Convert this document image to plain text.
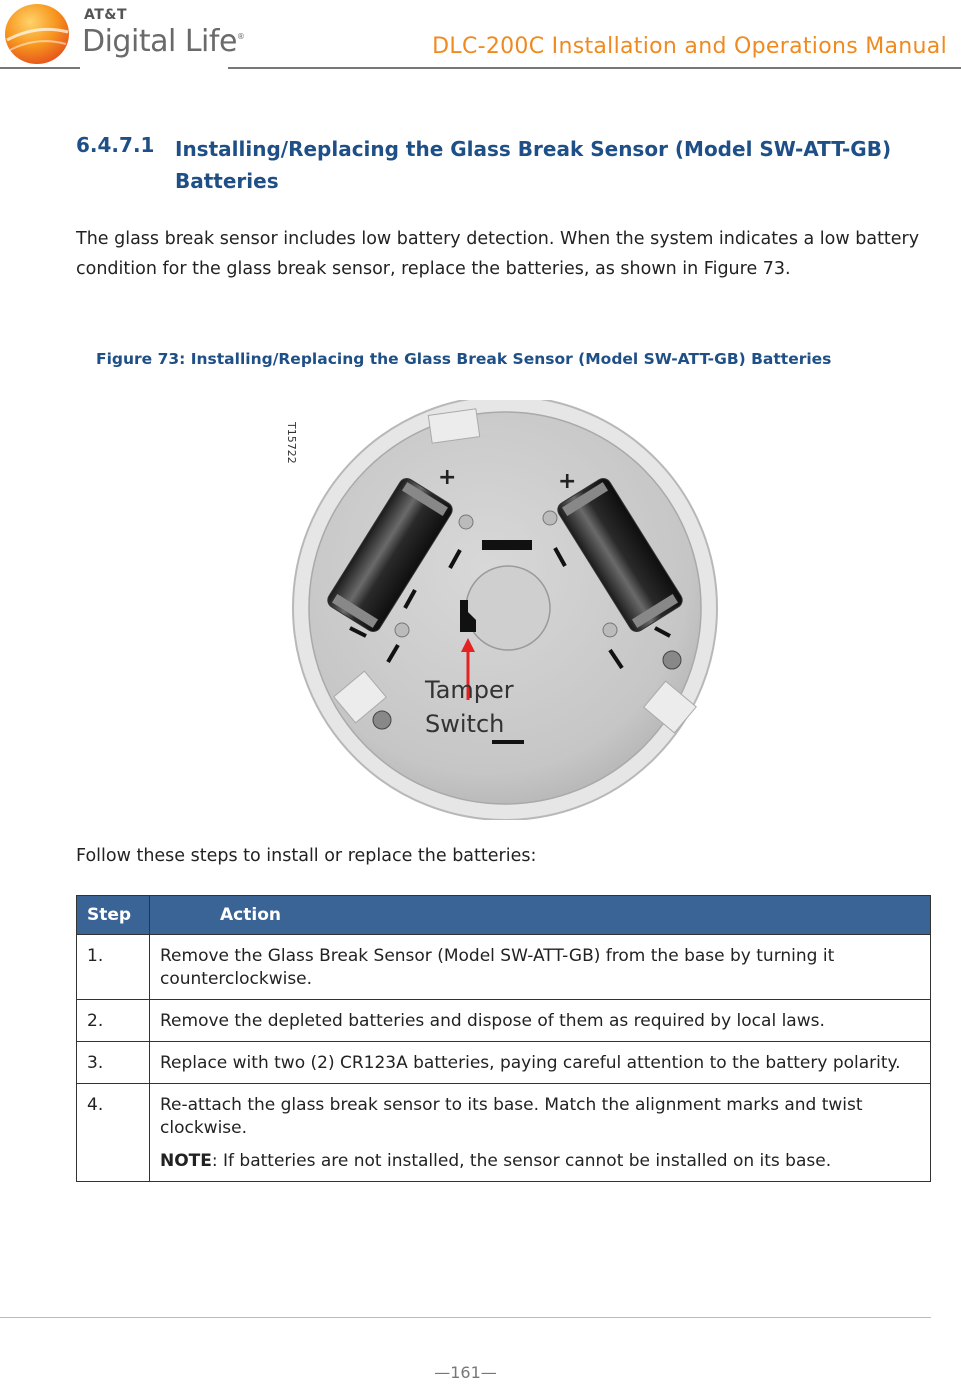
AT&T
Digital Life®	DLC-200C Installation and Operations Manual
6.4.7.1 Installing/Replacing the Glass Break Sensor (Model SW-ATT-GB) Batteries
The glass break sensor includes low battery detection. When the system indicates a low battery condition for the glass break sensor, replace the batteries, as shown in Figure 73.
Figure 73: Installing/Replacing the Glass Break Sensor (Model SW-ATT-GB) Batteries
+	+
Tamper
Switch
T15722
Follow these steps to install or replace the batteries:
Step	Action
1.	Remove the Glass Break Sensor (Model SW-ATT-GB) from the base by turning it counterclockwise.
2.	Remove the depleted batteries and dispose of them as required by local laws.
3.	Replace with two (2) CR123A batteries, paying careful attention to the battery polarity.
4.	Re-attach the glass break sensor to its base. Match the alignment marks and twist clockwise.
NOTE: If batteries are not installed, the sensor cannot be installed on its base.
—161—
